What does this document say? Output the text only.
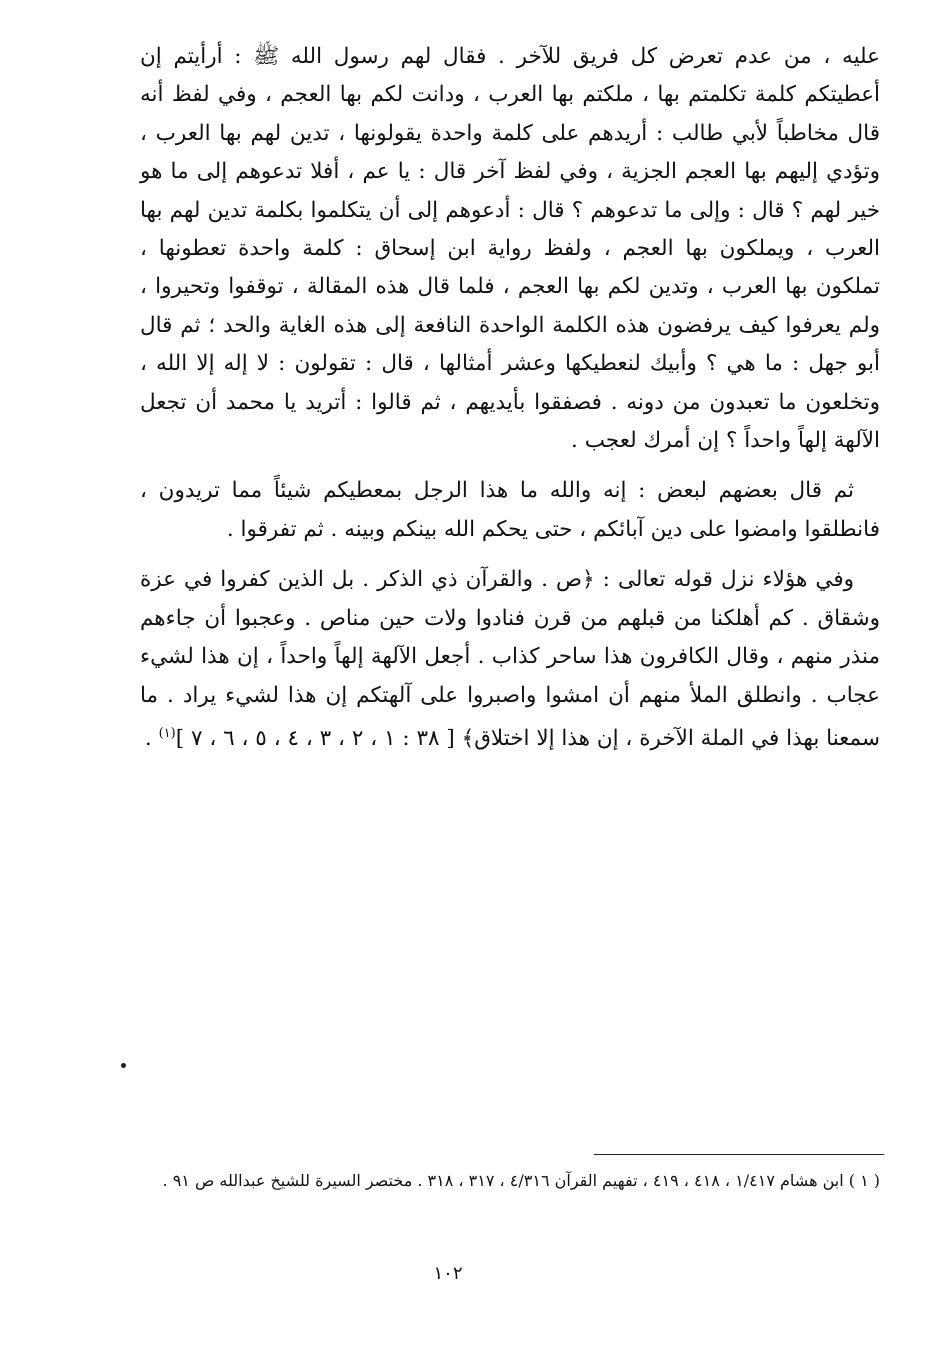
عليه ، من عدم تعرض كل فريق للآخر . فقال لهم رسول الله ﷺ : أرأيتم إن أعطيتكم كلمة تكلمتم بها ، ملكتم بها العرب ، ودانت لكم بها العجم ، وفي لفظ أنه قال مخاطباً لأبي طالب : أريدهم على كلمة واحدة يقولونها ، تدين لهم بها العرب ، وتؤدي إليهم بها العجم الجزية ، وفي لفظ آخر قال : يا عم ، أفلا تدعوهم إلى ما هو خير لهم ؟ قال : وإلى ما تدعوهم ؟ قال : أدعوهم إلى أن يتكلموا بكلمة تدين لهم بها العرب ، ويملكون بها العجم ، ولفظ رواية ابن إسحاق : كلمة واحدة تعطونها ، تملكون بها العرب ، وتدين لكم بها العجم ، فلما قال هذه المقالة ، توقفوا وتحيروا ، ولم يعرفوا كيف يرفضون هذه الكلمة الواحدة النافعة إلى هذه الغاية والحد ؛ ثم قال أبو جهل : ما هي ؟ وأبيك لنعطيكها وعشر أمثالها ، قال : تقولون : لا إله إلا الله ، وتخلعون ما تعبدون من دونه . فصفقوا بأيديهم ، ثم قالوا : أتريد يا محمد أن تجعل الآلهة إلهاً واحداً ؟ إن أمرك لعجب .

ثم قال بعضهم لبعض : إنه والله ما هذا الرجل بمعطيكم شيئاً مما تريدون ، فانطلقوا وامضوا على دين آبائكم ، حتى يحكم الله بينكم وبينه . ثم تفرقوا .

وفي هؤلاء نزل قوله تعالى : ﴿ص . والقرآن ذي الذكر . بل الذين كفروا في عزة وشقاق . كم أهلكنا من قبلهم من قرن فنادوا ولات حين مناص . وعجبوا أن جاءهم منذر منهم ، وقال الكافرون هذا ساحر كذاب . أجعل الآلهة إلهاً واحداً ، إن هذا لشيء عجاب . وانطلق الملأ منهم أن امشوا واصبروا على آلهتكم إن هذا لشيء يراد . ما سمعنا بهذا في الملة الآخرة ، إن هذا إلا اختلاق﴾ [ ٣٨ : ١ ، ٢ ، ٣ ، ٤ ، ٥ ، ٦ ، ٧ ]$^{(١)}$ .

( ١ ) ابن هشام ١/٤١٧ ، ٤١٨ ، ٤١٩ ، تفهيم القرآن ٤/٣١٦ ، ٣١٧ ، ٣١٨ . مختصر السيرة للشيخ عبدالله ص ٩١ .

١٠٢
